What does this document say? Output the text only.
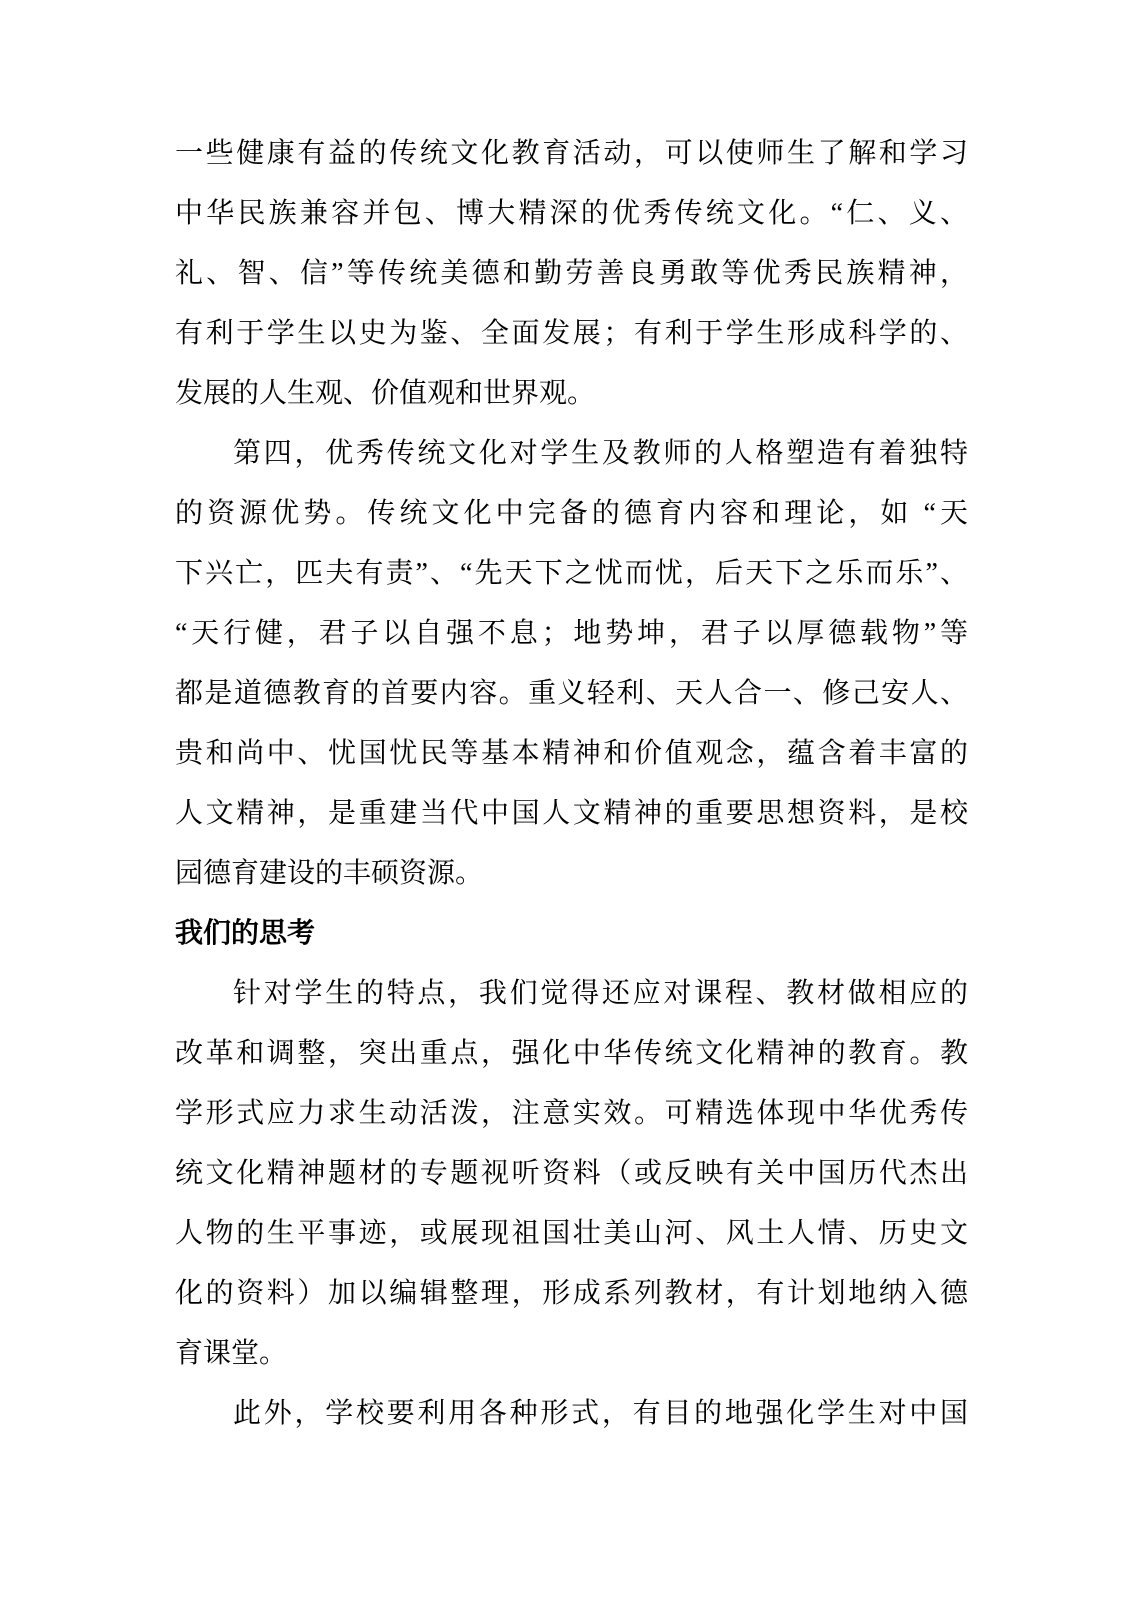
一些健康有益的传统文化教育活动，可以使师生了解和学习
中华民族兼容并包、博大精深的优秀传统文化。“仁、义、
礼、智、信”等传统美德和勤劳善良勇敢等优秀民族精神，
有利于学生以史为鉴、全面发展；有利于学生形成科学的、
发展的人生观、价值观和世界观。
第四，优秀传统文化对学生及教师的人格塑造有着独特
的资源优势。传统文化中完备的德育内容和理论，如 “天
下兴亡，匹夫有责”、“先天下之忧而忧，后天下之乐而乐”、
“天行健，君子以自强不息；地势坤，君子以厚德载物”等
都是道德教育的首要内容。重义轻利、天人合一、修己安人、
贵和尚中、忧国忧民等基本精神和价值观念，蕴含着丰富的
人文精神，是重建当代中国人文精神的重要思想资料，是校
园德育建设的丰硕资源。
我们的思考
针对学生的特点，我们觉得还应对课程、教材做相应的
改革和调整，突出重点，强化中华传统文化精神的教育。教
学形式应力求生动活泼，注意实效。可精选体现中华优秀传
统文化精神题材的专题视听资料（或反映有关中国历代杰出
人物的生平事迹，或展现祖国壮美山河、风土人情、历史文
化的资料）加以编辑整理，形成系列教材，有计划地纳入德
育课堂。
此外，学校要利用各种形式，有目的地强化学生对中国
